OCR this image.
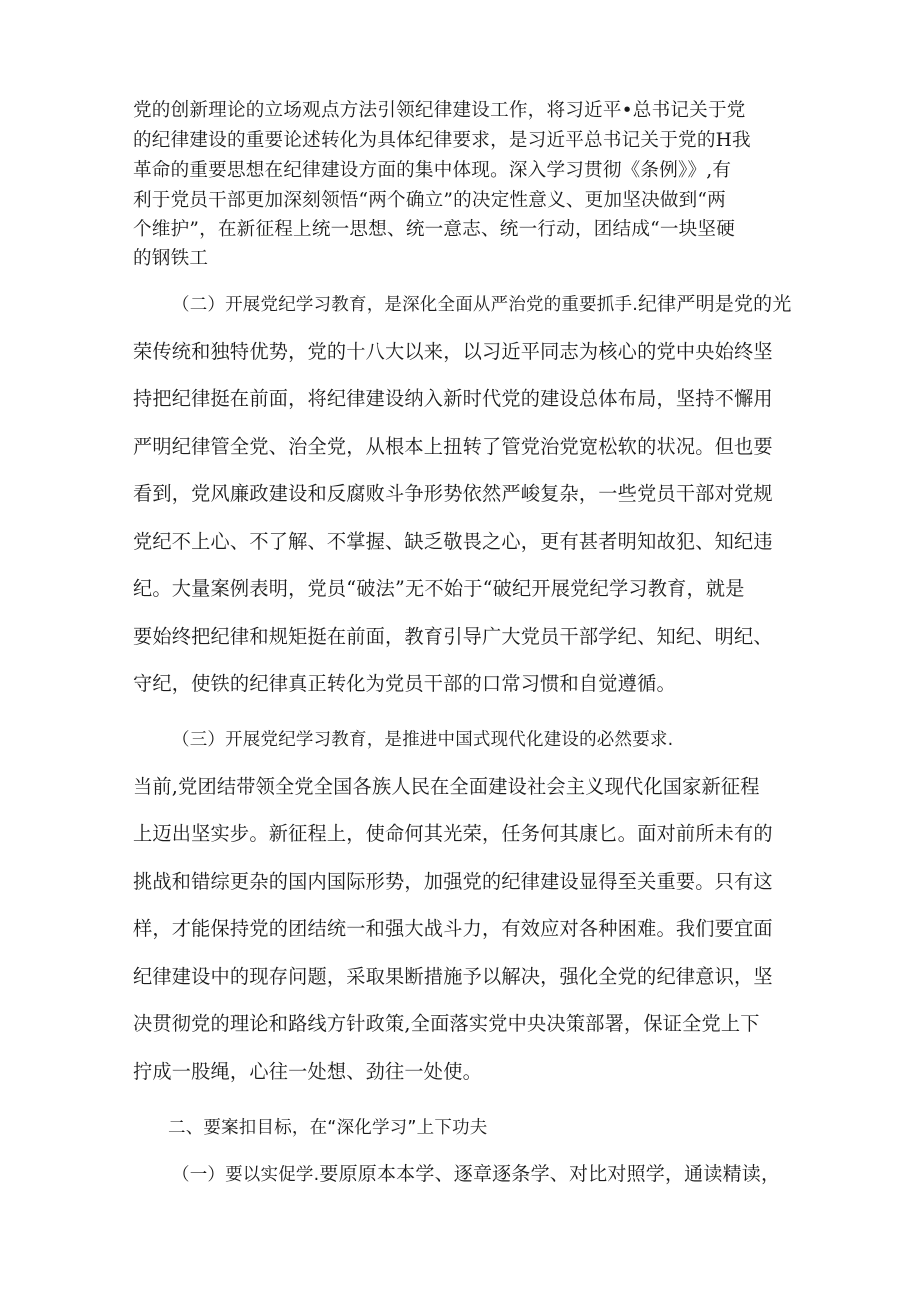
党的创新理论的立场观点方法引领纪律建设工作，将习近平•总书记关于党
的纪律建设的重要论述转化为具体纪律要求，是习近平总书记关于党的H我
革命的重要思想在纪律建设方面的集中体现。深入学习贯彻《条例》》,有
利于党员干部更加深刻领悟“两个确立”的决定性意义、更加坚决做到“两
个维护”，在新征程上统一思想、统一意志、统一行动，团结成“一块坚硬
的钢铁工
（二）开展党纪学习教育，是深化全面从严治党的重要抓手.纪律严明是党的光
荣传统和独特优势，党的十八大以来，以习近平同志为核心的党中央始终坚
持把纪律挺在前面，将纪律建设纳入新时代党的建设总体布局，坚持不懈用
严明纪律管全党、治全党，从根本上扭转了管党治党宽松软的状况。但也要
看到，党风廉政建设和反腐败斗争形势依然严峻复杂，一些党员干部对党规
党纪不上心、不了解、不掌握、缺乏敬畏之心，更有甚者明知故犯、知纪违
纪。大量案例表明，党员“破法”无不始于“破纪开展党纪学习教育，就是
要始终把纪律和规矩挺在前面，教育引导广大党员干部学纪、知纪、明纪、
守纪，使铁的纪律真正转化为党员干部的口常习惯和自觉遵循。
（三）开展党纪学习教育，是推进中国式现代化建设的必然要求.
当前,党团结带领全党全国各族人民在全面建设社会主义现代化国家新征程
上迈出坚实步。新征程上，使命何其光荣，任务何其康匕。面对前所未有的
挑战和错综更杂的国内国际形势，加强党的纪律建设显得至关重要。只有这
样，才能保持党的团结统一和强大战斗力，有效应对各种困难。我们要宜面
纪律建设中的现存问题，采取果断措施予以解决，强化全党的纪律意识，坚
决贯彻党的理论和路线方针政策,全面落实党中央决策部署，保证全党上下
拧成一股绳，心往一处想、劲往一处使。
二、要案扣目标，在“深化学习”上下功夫
（一）要以实促学.要原原本本学、逐章逐条学、对比对照学，通读精读，
